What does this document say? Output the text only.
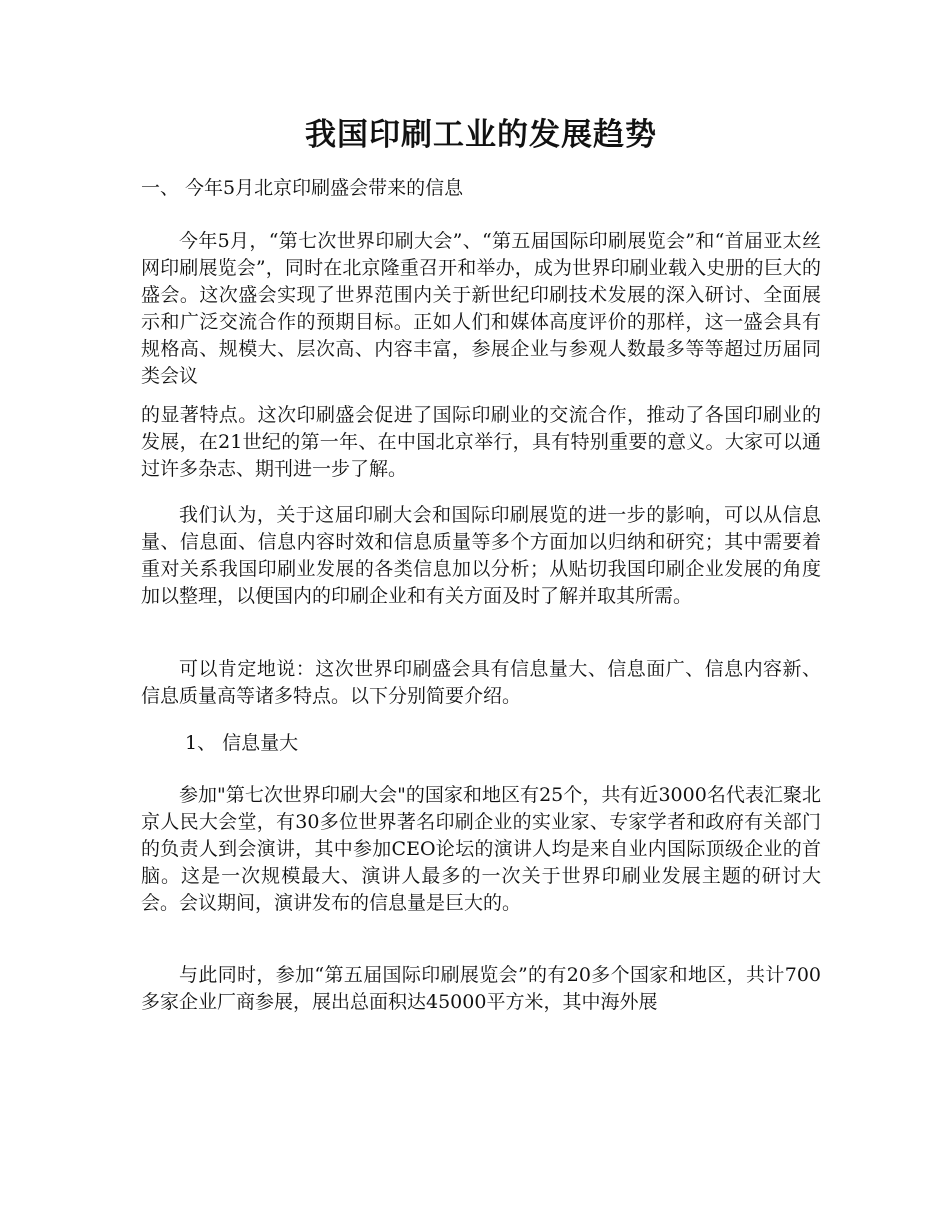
我国印刷工业的发展趋势

一、 今年5月北京印刷盛会带来的信息

今年5月，“第七次世界印刷大会”、“第五届国际印刷展览会”和“首届亚太丝网印刷展览会”，同时在北京隆重召开和举办，成为世界印刷业载入史册的巨大的盛会。这次盛会实现了世界范围内关于新世纪印刷技术发展的深入研讨、全面展示和广泛交流合作的预期目标。正如人们和媒体高度评价的那样，这一盛会具有规格高、规模大、层次高、内容丰富，参展企业与参观人数最多等等超过历届同类会议

的显著特点。这次印刷盛会促进了国际印刷业的交流合作，推动了各国印刷业的发展，在21世纪的第一年、在中国北京举行，具有特别重要的意义。大家可以通过许多杂志、期刊进一步了解。

我们认为，关于这届印刷大会和国际印刷展览的进一步的影响，可以从信息量、信息面、信息内容时效和信息质量等多个方面加以归纳和研究；其中需要着重对关系我国印刷业发展的各类信息加以分析；从贴切我国印刷企业发展的角度加以整理，以便国内的印刷企业和有关方面及时了解并取其所需。

可以肯定地说：这次世界印刷盛会具有信息量大、信息面广、信息内容新、信息质量高等诸多特点。以下分别简要介绍。

1、 信息量大

参加"第七次世界印刷大会"的国家和地区有25个，共有近3000名代表汇聚北京人民大会堂，有30多位世界著名印刷企业的实业家、专家学者和政府有关部门的负责人到会演讲，其中参加CEO论坛的演讲人均是来自业内国际顶级企业的首脑。这是一次规模最大、演讲人最多的一次关于世界印刷业发展主题的研讨大会。会议期间，演讲发布的信息量是巨大的。

与此同时，参加“第五届国际印刷展览会”的有20多个国家和地区，共计700多家企业厂商参展，展出总面积达45000平方米，其中海外展
